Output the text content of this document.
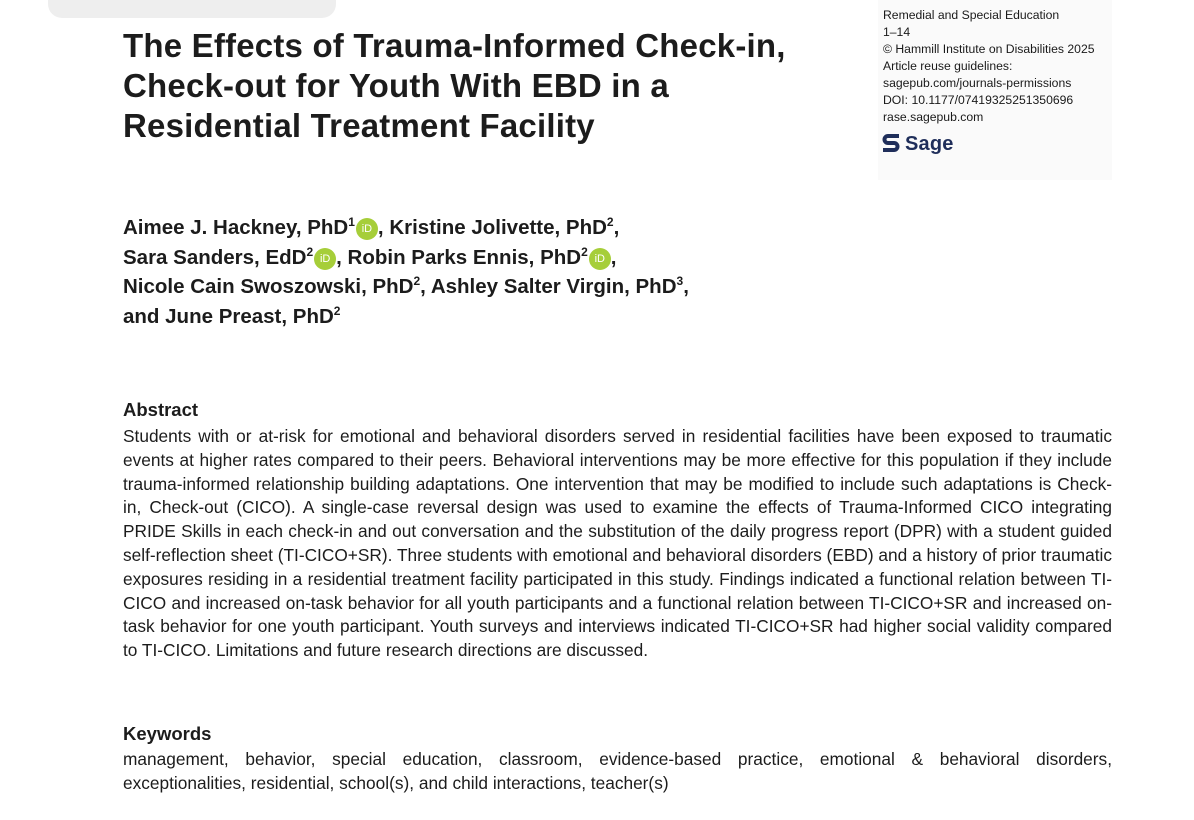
The Effects of Trauma-Informed Check-in, Check-out for Youth With EBD in a Residential Treatment Facility
Remedial and Special Education
1–14
© Hammill Institute on Disabilities 2025
Article reuse guidelines:
sagepub.com/journals-permissions
DOI: 10.1177/07419325251350696
rase.sagepub.com
Sage
Aimee J. Hackney, PhD$^1$ iD , Kristine Jolivette, PhD$^2$,
Sara Sanders, EdD$^2$ iD , Robin Parks Ennis, PhD$^2$ iD ,
Nicole Cain Swoszowski, PhD$^2$, Ashley Salter Virgin, PhD$^3$,
and June Preast, PhD$^2$
Abstract
Students with or at-risk for emotional and behavioral disorders served in residential facilities have been exposed to traumatic events at higher rates compared to their peers. Behavioral interventions may be more effective for this population if they include trauma-informed relationship building adaptations. One intervention that may be modified to include such adaptations is Check-in, Check-out (CICO). A single-case reversal design was used to examine the effects of Trauma-Informed CICO integrating PRIDE Skills in each check-in and out conversation and the substitution of the daily progress report (DPR) with a student guided self-reflection sheet (TI-CICO+SR). Three students with emotional and behavioral disorders (EBD) and a history of prior traumatic exposures residing in a residential treatment facility participated in this study. Findings indicated a functional relation between TI-CICO and increased on-task behavior for all youth participants and a functional relation between TI-CICO+SR and increased on-task behavior for one youth participant. Youth surveys and interviews indicated TI-CICO+SR had higher social validity compared to TI-CICO. Limitations and future research directions are discussed.
Keywords
management, behavior, special education, classroom, evidence-based practice, emotional & behavioral disorders, exceptionalities, residential, school(s), and child interactions, teacher(s)
